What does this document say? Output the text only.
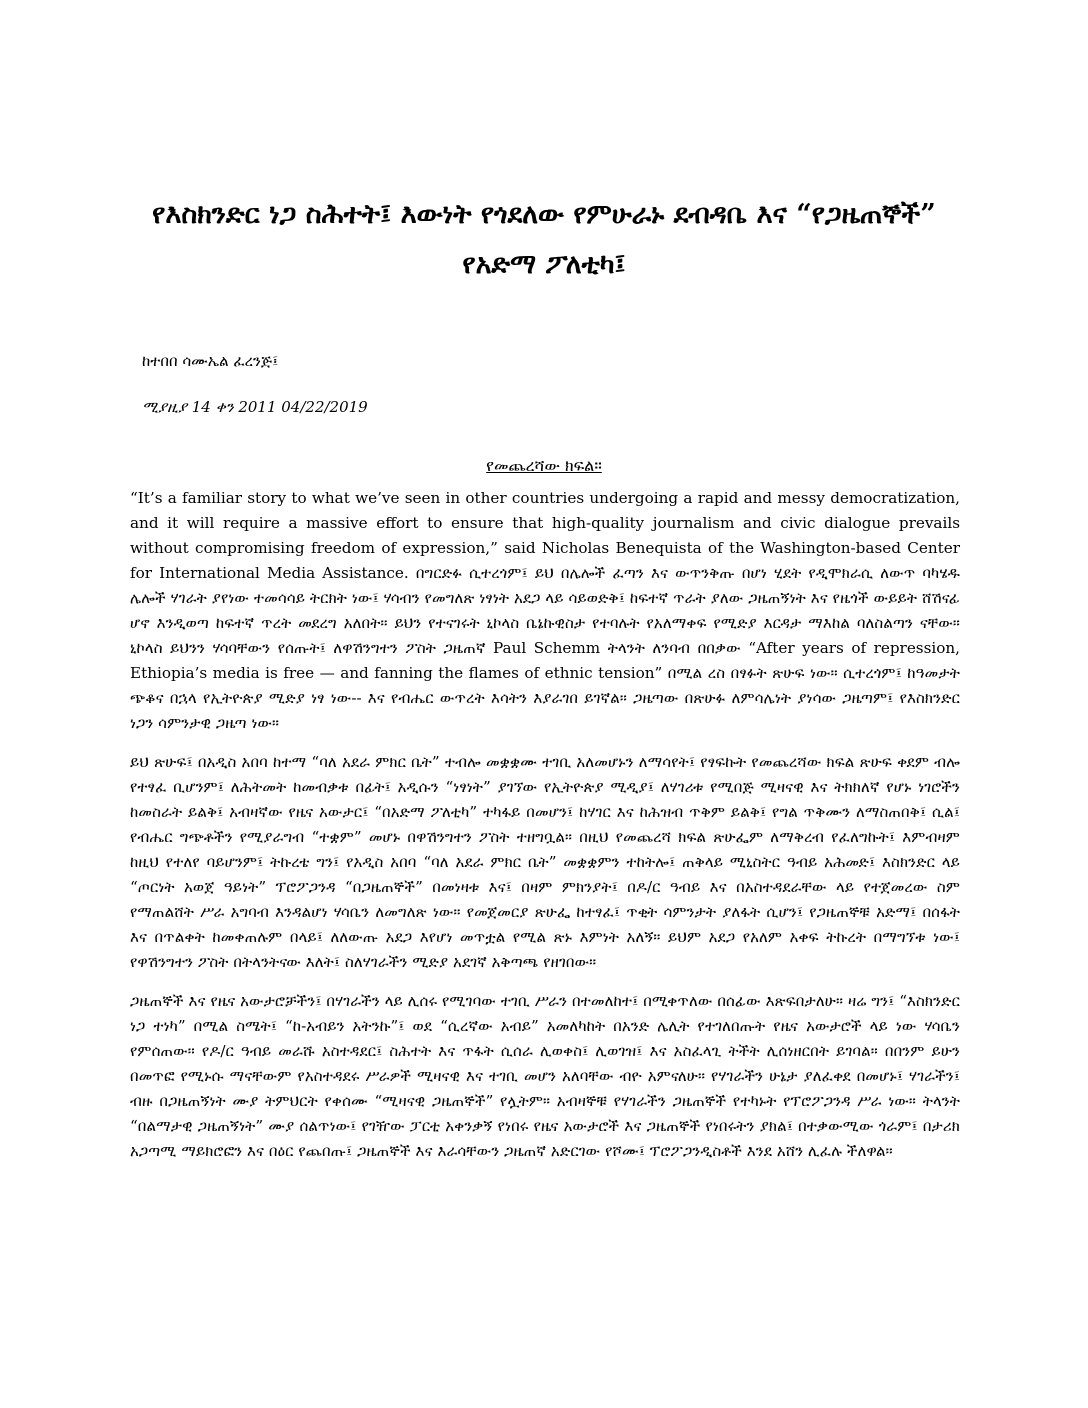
የእስክንድር ነጋ ስሕተት፤ እውነት የጎደለው የምሁራኑ ደብዳቤ እና “የጋዜጠኞች”
የአድማ ፖለቲካ፤
ከተበበ ሳሙኤል ፈረንጅ፤
ሚያዚያ 14 ቀን 2011 04/22/2019
የመጨረሻው ክፍል።

“It’s a familiar story to what we’ve seen in other countries undergoing a rapid and messy democratization, and it will require a massive effort to ensure that high-quality journalism and civic dialogue prevails without compromising freedom of expression,” said Nicholas Benequista of the Washington-based Center for International Media Assistance. በግርድፉ ሲተረጎም፤ ይህ በሌሎች ፈጣን እና ውጥንቅጡ በሆነ ሂደት የዲሞክራሲ ለውጥ ባካሄዱ ሌሎች ሃገራት ያየነው ተመሳሳይ ትርክት ነው፤ ሃሳብን የመግለጽ ነፃነት አደጋ ላይ ሳይወድቅ፤ ከፍተኛ ጥራት ያለው ጋዜጠኝነት እና የዜጎች ውይይት ሸሽናፊ ሆኖ እንዲወጣ ከፍተኛ ጥረት መደረግ አለበት። ይህን የተናገሩት ኒኮላስ ቤኔኩዊስታ የተባሉት የአለማቀፍ የሚድያ እርዳታ ማእከል ባለስልጣን ናቸው። ኒኮላስ ይህንን ሃሳባቸውን የሰጡት፤ ለዋሽንግተን ፖስት ጋዜጠኛ Paul Schemm ትላንት ለንባብ በበቃው “After years of repression, Ethiopia’s media is free — and fanning the flames of ethnic tension” በሚል ረስ በፃፉት ጽሁፍ ነው። ሲተረጎም፤ ከዓመታት ጭቆና በኋላ የኢትዮጵያ ሚድያ ነፃ ነው-- እና የብሔር ውጥረት እሳትን እያራገበ ይገኛል። ጋዜጣው በጽሁፉ ለምሳሌነት ያነሳው ጋዜጣም፤ የእስክንድር ነጋን ሳምንታዊ ጋዜጣ ነው።

ይህ ጽሁፍ፤ በአዲስ አበባ ከተማ “ባለ አደራ ምክር ቤት” ተብሎ መቋቋሙ ተገቢ አለመሆኑን ለማሳየት፤ የፃፍኩት የመጨረሻው ክፍል ጽሁፍ ቀደም ብሎ የተፃፈ ቢሆንም፤ ለሕትመት ከመብቃቱ በፊት፤ አዲሱን “ነፃነት” ያገኘው የኢትዮጵያ ሚዲያ፤ ለሃገሪቱ የሚበጅ ሚዛናዊ እና ትክክለኛ የሆኑ ነገሮችን ከመስራት ይልቅ፤ አብዛኛው የዜና አውታር፤ “በአድማ ፖለቲካ” ተካፋይ በመሆን፤ ከሃገር እና ከሕዝብ ጥቅም ይልቅ፤ የግል ጥቅሙን ለማስጠበቅ፤ ሲል፤ የብሔር ግጭቶችን የሚያራግብ “ተቋም” መሆኑ በዋሽንግተን ፖስት ተዘግቧል። በዚህ የመጨረሻ ክፍል ጽሁፌም ለማቅረብ የፈለግኩት፤ እምብዛም ከዚህ የተለየ ባይሆንም፤ ትኩረቴ ግን፤ የአዲስ አበባ “ባለ አደራ ምክር ቤት” መቋቋምን ተከትሎ፤ ጠቅላይ ሚኒስትር ዓብይ አሕመድ፤ እስክንድር ላይ “ጦርነት አወጀ ዓይነት” ፕሮፖጋንዳ “በጋዜጠኞች” በመነዛቱ እና፤ በዛም ምክንያት፤ በዶ/ር ዓብይ እና በአስተዳደራቸው ላይ የተጀመረው ስም የማጠልሸት ሥራ አግባብ እንዳልሆነ ሃሳቤን ለመግለጽ ነው። የመጀመርያ ጽሁፌ ከተፃፈ፤ ጥቂት ሳምንታት ያለፋት ሲሆን፤ የጋዜጠኞቹ አድማ፤ በሰፋት እና በጥልቀት ከመቀጠሉም በላይ፤ ለለውጡ አደጋ እየሆነ መጥቷል የሚል ጽኑ እምነት አለኝ። ይህም አደጋ የአለም አቀፍ ትኩረት በማግኘቱ ነው፤ የዋሽንግተን ፖስት በትላንትናው እለት፤ ስለሃገራችን ሚድያ አደገኛ አቅጣጫ የዘገበው።

ጋዜጠኞች እና የዜና አውታሮቻችን፤ በሃገራችን ላይ ሊሰሩ የሚገባው ተገቢ ሥራን በተመለከተ፤ በሚቀጥለው በሰፊው እጽፍበታለሁ። ዛሬ ግን፤ “እስክንድር ነጋ ተነካ” በሚል ስሜት፤ “ከ-አብይን አትንኩ”፤ ወደ “ሲረኛው አብይ” አመለካከት በአንድ ሌሊት የተገለበጡት የዜና አውታሮች ላይ ነው ሃሳቤን የምሰጠው። የዶ/ር ዓብይ መራሹ አስተዳደር፤ ስሕተት እና ጥፋት ሲሰራ ሊወቀስ፤ ሊወገዝ፤ እና አስፈላጊ ትችት ሊሰነዘርበት ይገባል። በበንም ይሁን በመጥፎ የሚኑሱ ማናቸውም የአስተዳደሩ ሥራዎች ሚዛናዊ እና ተገቢ መሆን አለባቸው ብዮ አምናለሁ። የሃገራችን ሁኔታ ያለፈቀደ በመሆኑ፤ ሃገራችን፤ ብዙ በጋዜጠኝነት ሙያ ትምህርት የቀሰሙ “ሚዛናዊ ጋዜጠኞች” የሏትም። አብዛኞቹ የሃገራችን ጋዜጠኞች የተካኑት የፕሮፖጋንዳ ሥራ ነው። ትላንት “በልማታዊ ጋዜጠኝነት” ሙያ ሰልጥነው፤ የገዥው ፓርቲ አቀንቃኝ የነበሩ የዜና አውታሮች እና ጋዜጠኞች የነበሩትን ያክል፤ በተቃውሚው ጎራም፤ በታሪክ አጋጣሚ ማይክሮፎን እና በዕር የጨበጡ፤ ጋዜጠኞች እና እራሳቸውን ጋዜጠኛ አድርገው የሾሙ፤ ፕሮፖጋንዲስቶች እንደ አሸን ሊፈሉ ችለዋል።
